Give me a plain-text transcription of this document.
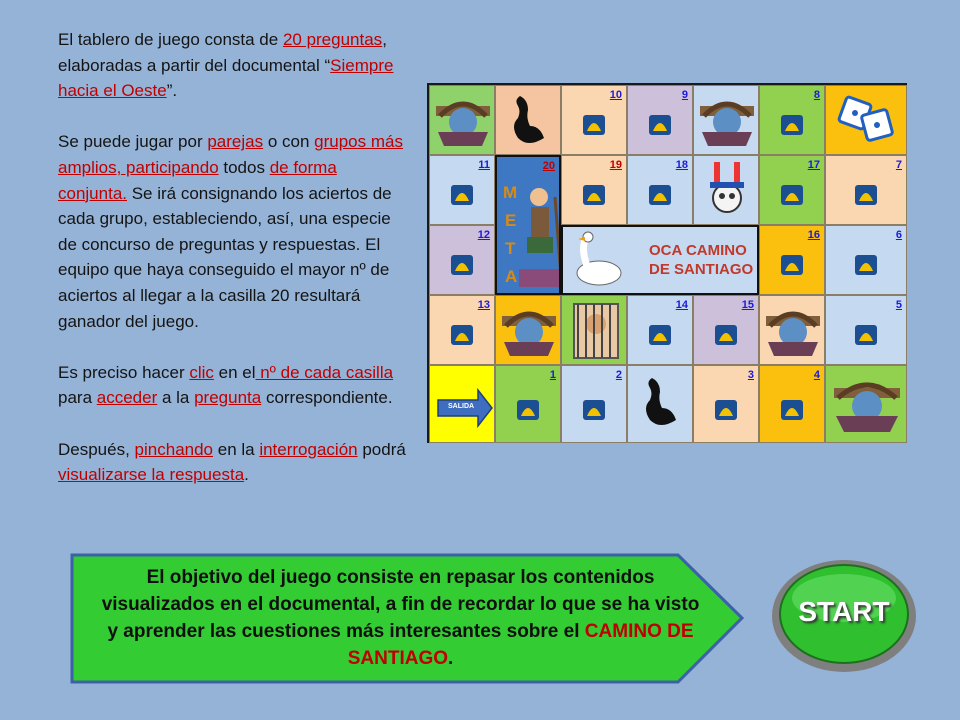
El tablero de juego consta de 20 preguntas, elaboradas a partir del documental “Siempre hacia el Oeste”.

Se puede jugar por parejas o con grupos más amplios, participando todos de forma conjunta. Se irá consignando los aciertos de cada grupo, estableciendo, así, una especie de concurso de preguntas y respuestas. El equipo que haya conseguido el mayor nº de aciertos al llegar a la casilla 20 resultará ganador del juego.

Es preciso hacer clic en el nº de cada casilla para acceder a la pregunta correspondiente.

Después, pinchando en la interrogación podrá visualizarse la respuesta.

10	9	8
11	7
12	6
13	14	15	5
SALIDA
1	2	3	4
19	18	17
16
20
M
E
T
A
OCA CAMINO
DE SANTIAGO
El objetivo del juego consiste en repasar los contenidos visualizados en el documental, a fin de recordar lo que se ha visto y aprender las cuestiones más interesantes sobre el CAMINO DE SANTIAGO.
START
